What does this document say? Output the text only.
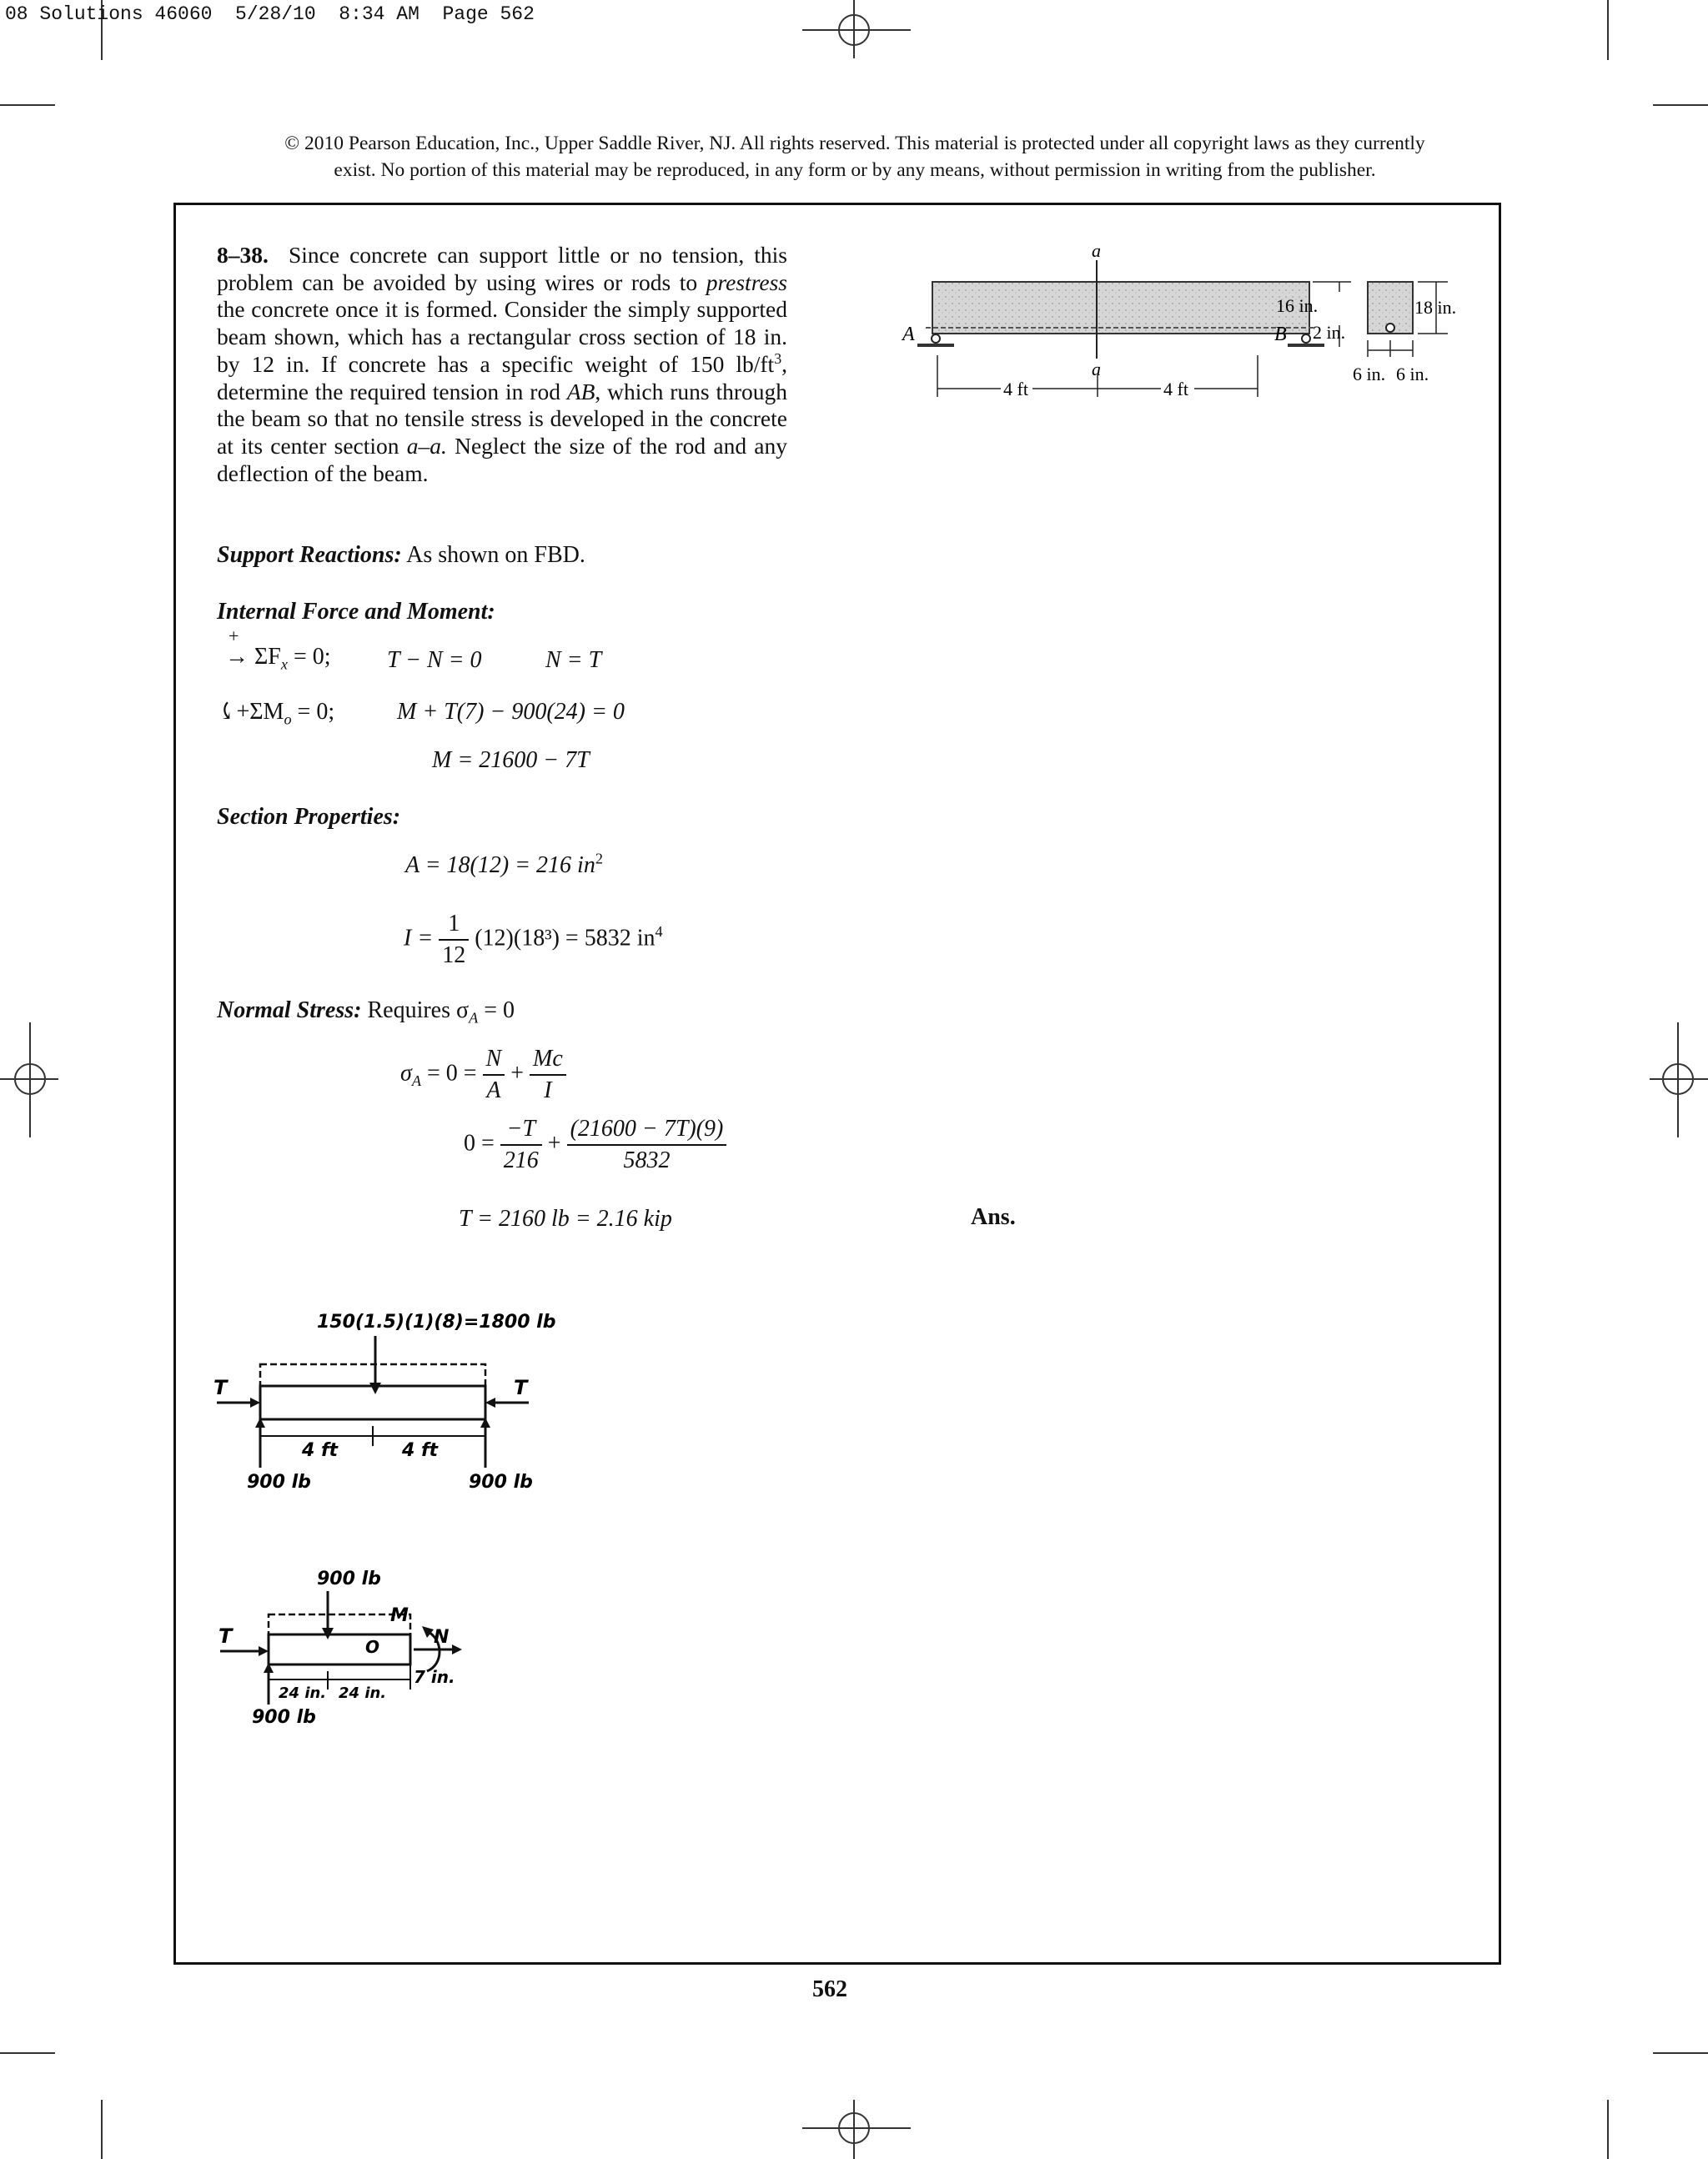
08 Solutions 46060  5/28/10  8:34 AM  Page 562
© 2010 Pearson Education, Inc., Upper Saddle River, NJ. All rights reserved. This material is protected under all copyright laws as they currently
exist. No portion of this material may be reproduced, in any form or by any means, without permission in writing from the publisher.
8–38. Since concrete can support little or no tension, this problem can be avoided by using wires or rods to prestress the concrete once it is formed. Consider the simply supported beam shown, which has a rectangular cross section of 18 in. by 12 in. If concrete has a specific weight of 150 $lb/ft^3$, determine the required tension in rod AB, which runs through the beam so that no tensile stress is developed in the concrete at its center section a–a. Neglect the size of the rod and any deflection of the beam.
a
a
A	B
4 ft	4 ft
16 in.
2 in.
18 in.
6 in. 6 in.
Support Reactions: As shown on FBD.
Internal Force and Moment:
+
→ $\Sigma F_x = 0$; T − N = 0	N = T
$⤹+\Sigma M_o = 0$;	M + T(7) − 900(24) = 0
M = 21600 − 7T
Section Properties:
A = 18(12) = 216 $in^2$
$I = \frac{1}{12} (12)(18^3) = 5832$ $in^4$
Normal Stress: Requires $\sigma_A = 0$
$\sigma_A = 0 = \frac{N}{A} + \frac{Mc}{I}$
$0 = \frac{-T}{216} + \frac{(21600 - 7T)(9)}{5832}$
T = 2160 lb = 2.16 kip	Ans.
150(1.5)(1)(8)=1800 lb
T	T
4 ft	4 ft
900 lb	900 lb
900 lb
T	O
M
N
7 in.
24 in. 24 in.
900 lb
562
